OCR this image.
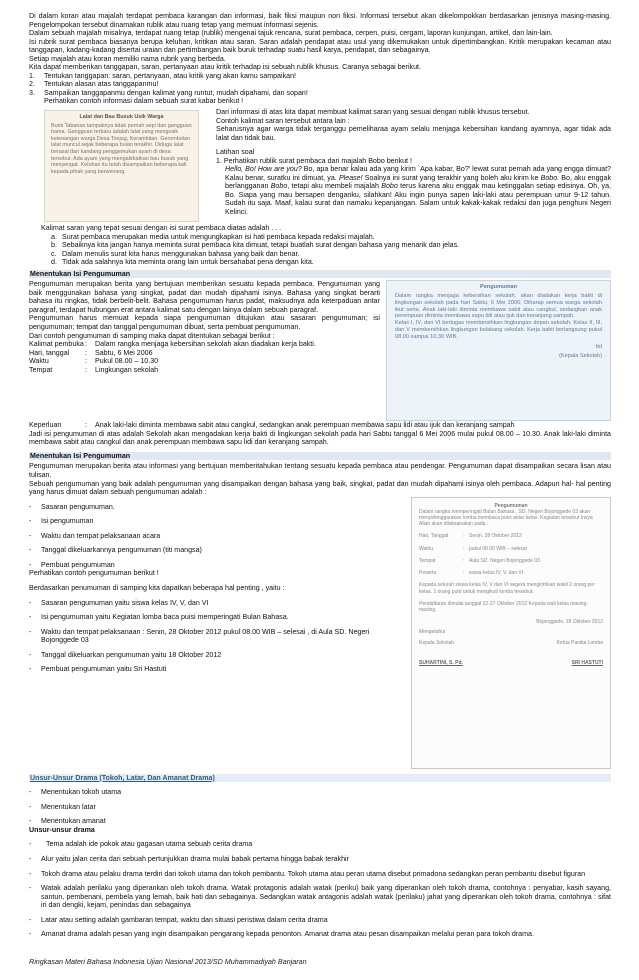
Di dalam koran atau majalah terdapat pembaca karangan dan informasi, baik fiksi maupun non fiksi. Informasi tersebut akan dikelompokkan berdasarkan jenisnya masing-masing. Pengelompokan tersebut dinamakan rublik atau ruang tetap yang memuat informasi sejenis.

Dalam sebuah majalah misalnya, terdapat ruang tetap (rublik) mengenai tajuk rencana, surat pembaca, cerpen, puisi, cergam, laporan kunjungan, artikel, dan lain-lain.

Isi rubrik surat pembaca biasanya berupa keluhan, kritikan atau saran. Saran adalah pendapat atau usul yang dikemukakan untuk dipertimbangkan. Kritik merupakan kecaman atau tanggapan, kadang-kadang disertai uraian dan pertimbangan baik buruk terhadap suatu hasil karya, pendapat, dan sebagainya.

Setiap majalah atau koran memiliki nama rubrik yang berbeda.

Kita dapat memberikan tanggapan, saran, pertanyaan atau kritik terhadap isi sebuah rublik khusus. Caranya sebagai berikut.

1. Tentukan tanggapan: saran, pertanyaan, atau kritik yang akan kamu sampaikan!
2. Tentukan alasan atas tanggapanmu!
3. Sampaikan tanggapanmu dengan kalimat yang runtut, mudah dipahami, dan sopan!
Perhatikan contoh informasi dalam sebuah surat kabar berikut !
Lalat dan Bau Busuk Usik Warga

Bumi Tabanan tampaknya tidak pernah sepi dari gangguan hama. Gangguan terbaru adalah lalat yang mengusik ketenangan warga Desa Tonjag, Kerambitan. Gerombolan lalat muncul sejak beberapa bulan terakhir. Diduga lalat berasal dari kandang penggemukan ayam di desa tersebut. Ada ayam yang mengakibatkan bau busuk yang menyengat. Keluhan itu telah disampaikan beberapa kali kepada pihak yang berwenang.

Dari informasi di atas kita dapat membuat kalimat saran yang sesuai dengan rublik khusus tersebut.

Contoh kalimat saran tersebut antara lain :

Seharusnya agar warga tidak terganggu pemeliharaa ayam selalu menjaga kebersihan kandang ayamnya, agar tidak ada lalat dan tidak bau.

Latihan soal

1. Perhatikan rublik surat pembaca dari majalah Bobo berikut !

Hello, Bo! How are you? Bo, apa benar kalau ada yang kirim `Apa kabar, Bo?' lewat surat pernah ada yang engga dimuat? Kalau benar, suratku ini dimuat, ya. Please! Soalnya ini surat yang terakhir yang boleh aku kirim ke Bobo. Bo, aku enggak berlangganan Bobo, tetapi aku membeli majalah Bobo terus karena aku enggak mau ketinggalan setiap edisinya. Oh, ya, Bo. Siapa yang mau bersapen denganku, silahkan! Aku ingin punya sapen laki-laki atau perempuan umur 9-12 tahun. Sudah itu saja. Maaf, kalau surat dan namaku kepanjangan. Salam untuk kakak-kakak redaksi dan juga penghuni Negeri Kelinci.

Kalimat saran yang tepat sesuai dengan isi surat pembaca diatas adalah . . .

a. Surat pembaca merupakan media untuk mengungkapkan isi hati pembaca kepada redaksi majalah.
b. Sebaiknya kita jangan hanya meminta surat pembaca kita dimuat, tetapi buatlah surat dengan bahasa yang menarik dan jelas.
c. Dalam menulis surat kita harus menggunakan bahasa yang baik dan benar.
d. Tidak ada salahnya kita meminta orang lain untuk bersahabat pena dengan kita.
Menentukan Isi Pengumuman

Pengumuman merupakan berita yang bertujuan memberikan sesuatu kepada pembaca. Pengumuman yang baik menggunakan bahasa yang singkat, padat dan mudah dipahami isinya. Bahasa yang singkat berarti bahasa itu ringkas, tidak berbelit-belit. Bahasa pengumuman harus padat, maksudnya ada keterpaduan antar paragraf, terdapat hubungan erat antara kalimat satu dengan lainya dalam sebuah paragraf.

Pengumuman harus memuat kepada siapa pengumuman ditujukan atau sasaran pengumuman; isi pengumuman; tempat dan tanggal pengumuman dibuat, serta pembuat pengumuman.

Dari contoh pengumuman di samping maka dapat ditentukan sebagai berikut :

Kalimat pembuka :	Dalam rangka menjaga kebersihan sekolah akan diadakan kerja bakti.
Hari, tanggal	:	Sabtu, 6 Mei 2006
Waktu	:	Pukul 08.00 – 10.30
Tempat	:	Lingkungan sekolah
Pengumuman

Dalam rangka menjaga kebersihan sekolah, akan diadakan kerja bakti di lingkungan sekolah pada hari Sabtu, 6 Mei 2006. Diharap semua warga sekolah ikut serta. Anak laki-laki diminta membawa sabit atau cangkul, sedangkan anak perempuan diminta membawa sapu lidi atau ijuk dan keranjang sampah.

Kelas I, IV, dan VI bertugas membersihkan lingkungan depan sekolah. Kelas II, III, dan V membersihkan lingkungan belakang sekolah. Kerja bakti berlangsung pukul 08.00 sampai 10.30 WIB.

ttd
(Kepala Sekolah)
Keperluan	:	Anak laki-laki diminta membawa sabit atau cangkul, sedangkan anak perempuan membawa sapu lidi atau ijuk dan keranjang sampah

Jadi isi pengumuman di atas adalah Sekolah akan mengadakan kerja bakti di lingkungan sekolah pada hari Sabtu tanggal 6 Mei 2006 mulai pukul 08.00 – 10.30. Anak laki-laki diminta membawa sabit atau cangkul dan anak perempuan membawa sapu lidi dan keranjang sampah.

Menentukan Isi Pengumuman

Pengumuman merupakan berita atau informasi yang bertujuan memberitahukan tentang sesuatu kepada pembaca atau pendengar. Pengumuman dapat disampaikan secara lisan atau tulisan.

Sebuah pengumuman yang baik adalah pengumuman yang disampaikan dengan bahasa yang baik, singkat, padat dan mudah dipahami isinya oleh pembaca. Adapun hal- hal penting yang harus dimuat dalam sebuah pengumuman adalah :

- Sasaran pengumuman.
- Isi pengumuman
- Waktu dan tempat pelaksanaan acara
- Tanggal dikeluarkannya pengumuman (titi mangsa)
- Pembuat pengumuman

Perhatikan contoh pengumuman berikut !

Berdasarkan penumuman di samping kita dapatkan beberapa hal penting , yaitu :

- Sasaran pengumuman yaitu siswa kelas IV, V, dan VI
- Isi pengumuman yaitu Kegiatan lomba baca puisi memperingati Bulan Bahasa.
- Waktu dan tempat pelaksanaan : Senin, 28 Oktober 2012 pukul 08.00 WIB – selesai , di Aula SD. Negeri Bojonggede 03
- Tanggal dikeluarkan pengumuman yaitu 18 Oktober 2012
- Pembuat pengumuman yaitu Sri Hastuti
Pengumuman

Dalam rangka memperingati Bulan Bahasa , SD. Negeri Bojonggede 03 akan menyelenggarakan lomba membaca puisi antar kelas. Kegiatan tersebut Insya Allah akan dilaksanakan pada :

Hari, Tanggal	: Senin, 28 Oktober 2012
Waktu	: pukul 08.00 WIB – selesai
Tempat	: Aula SD. Negeri Bojonggede 03
Peserta	: siswa kelas IV, V, dan VI

Kepada seluruh siswa kelas IV, V dan VI segera mengirimkan wakil 2 orang per kelas. 1 orang putri untuk mengikuti lomba tersebut.

Pendaftaran dimulai tanggal 22-27 Oktober 2012 Kepada wali kelas masing-masing.

Bojonggede, 18 Oktober 2012

Mengetahui
Kepala Sekolah	Ketua Panitia Lomba
SUHARTINI, S. Pd.	SRI HASTUTI
Unsur-Unsur Drama (Tokoh, Latar, Dan Amanat Drama)
- Menentukan tokoh utama
- Menentukan latar
- Menentukan amanat

Unsur-unsur drama

- Tema adalah ide pokok atau gagasan utama sebuah cerita drama
- Alur yaitu jalan cerita dari sebuah pertunjukkan drama mulai babak pertama hingga babak terakhir
- Tokoh drama atau pelaku drama terdiri dari tokoh utama dan tokoh pembantu. Tokoh utama atau peran utama disebut primadona sedangkan peran pembantu disebut figuran
- Watak adalah perilaku yang diperankan oleh tokoh drama. Watak protagonis adalah watak (periku) baik yang diperankan oleh tokoh drama, contohnya : penyabar, kasih sayang, santun, pembenani, pembela yang lemah, baik hati dan sebagainya. Sedangkan watak antagonis adalah watak (perilaku) jahat yang diperankan oleh tokoh drama, contohnya : sifat iri dan dengki, kejam, penindas dan sebagainya
- Latar atau setting adalah gambaran tempat, waktu dan situasi peristiwa dalam cerita drama
- Amanat drama adalah pesan yang ingin disampaikan pengarang kepada penonton. Amanat drama atau pesan disampaikan melalui peran para tokoh drama.
Ringkasan Materi Bahasa Indonesia Ujian Nasional 2013/SD Muhammadiyah Banjaran
